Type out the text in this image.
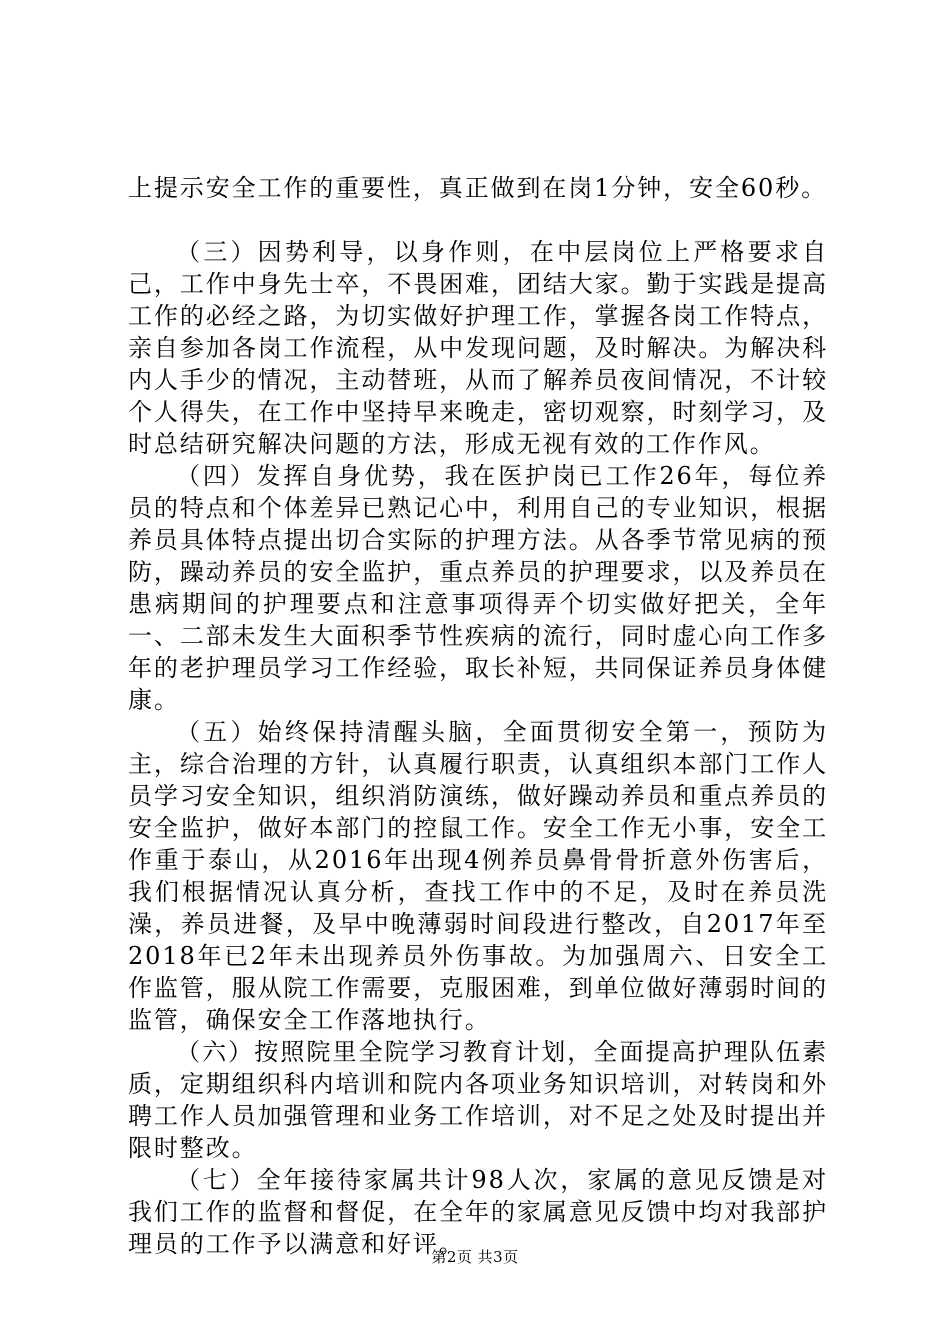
上提示安全工作的重要性，真正做到在岗1分钟，安全60秒。

（三）因势利导，以身作则，在中层岗位上严格要求自己，工作中身先士卒，不畏困难，团结大家。勤于实践是提高工作的必经之路，为切实做好护理工作，掌握各岗工作特点，亲自参加各岗工作流程，从中发现问题，及时解决。为解决科内人手少的情况，主动替班，从而了解养员夜间情况，不计较个人得失，在工作中坚持早来晚走，密切观察，时刻学习，及时总结研究解决问题的方法，形成无视有效的工作作风。

（四）发挥自身优势，我在医护岗已工作26年，每位养员的特点和个体差异已熟记心中，利用自己的专业知识，根据养员具体特点提出切合实际的护理方法。从各季节常见病的预防，躁动养员的安全监护，重点养员的护理要求，以及养员在患病期间的护理要点和注意事项得弄个切实做好把关，全年一、二部未发生大面积季节性疾病的流行，同时虚心向工作多年的老护理员学习工作经验，取长补短，共同保证养员身体健康。

（五）始终保持清醒头脑，全面贯彻安全第一，预防为主，综合治理的方针，认真履行职责，认真组织本部门工作人员学习安全知识，组织消防演练，做好躁动养员和重点养员的安全监护，做好本部门的控鼠工作。安全工作无小事，安全工作重于泰山，从2016年出现4例养员鼻骨骨折意外伤害后，我们根据情况认真分析，查找工作中的不足，及时在养员洗澡，养员进餐，及早中晚薄弱时间段进行整改，自2017年至2018年已2年未出现养员外伤事故。为加强周六、日安全工作监管，服从院工作需要，克服困难，到单位做好薄弱时间的监管，确保安全工作落地执行。

（六）按照院里全院学习教育计划，全面提高护理队伍素质，定期组织科内培训和院内各项业务知识培训，对转岗和外聘工作人员加强管理和业务工作培训，对不足之处及时提出并限时整改。

（七）全年接待家属共计98人次，家属的意见反馈是对我们工作的监督和督促，在全年的家属意见反馈中均对我部护理员的工作予以满意和好评。

第2页 共3页
